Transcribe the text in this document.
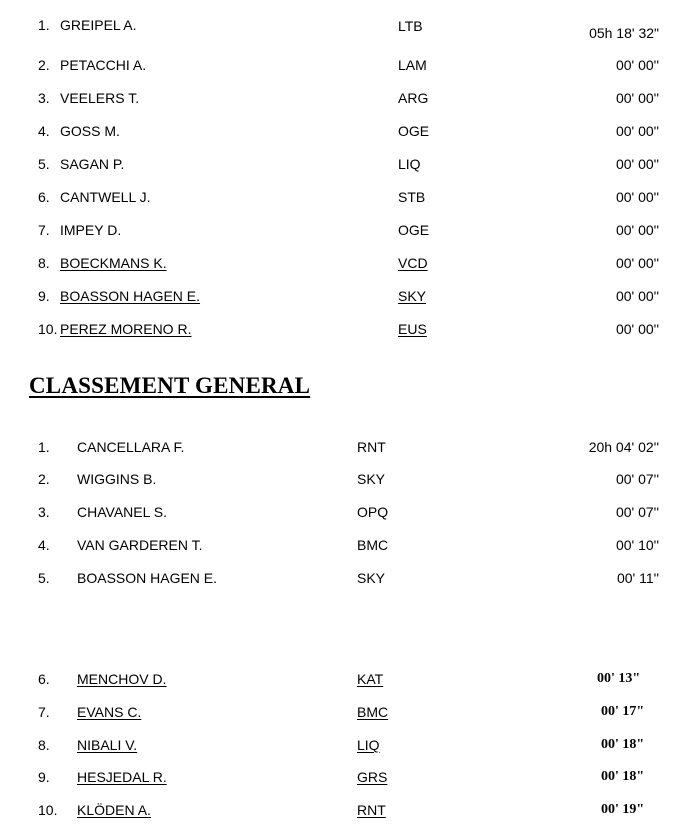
1. GREIPEL A.	LTB	05h 18' 32"
2. PETACCHI A.	LAM	00' 00''
3. VEELERS T.	ARG	00' 00''
4. GOSS M.	OGE	00' 00''
5. SAGAN P.	LIQ	00' 00''
6. CANTWELL J.	STB	00' 00''
7. IMPEY D.	OGE	00' 00''
8. BOECKMANS K.	VCD	00' 00''
9. BOASSON HAGEN E.	SKY	00' 00''
10. PEREZ MORENO R.	EUS	00' 00''
CLASSEMENT GENERAL
1. CANCELLARA F.	RNT	20h 04' 02''
2. WIGGINS B.	SKY	00' 07''
3. CHAVANEL S.	OPQ	00' 07''
4. VAN GARDEREN T.	BMC	00' 10''
5. BOASSON HAGEN E.	SKY	00' 11''
6. MENCHOV D.	KAT	00' 13"
7. EVANS C.	BMC	00' 17"
8. NIBALI V.	LIQ	00' 18"
9. HESJEDAL R.	GRS	00' 18"
10. KLÖDEN A.	RNT	00' 19"
